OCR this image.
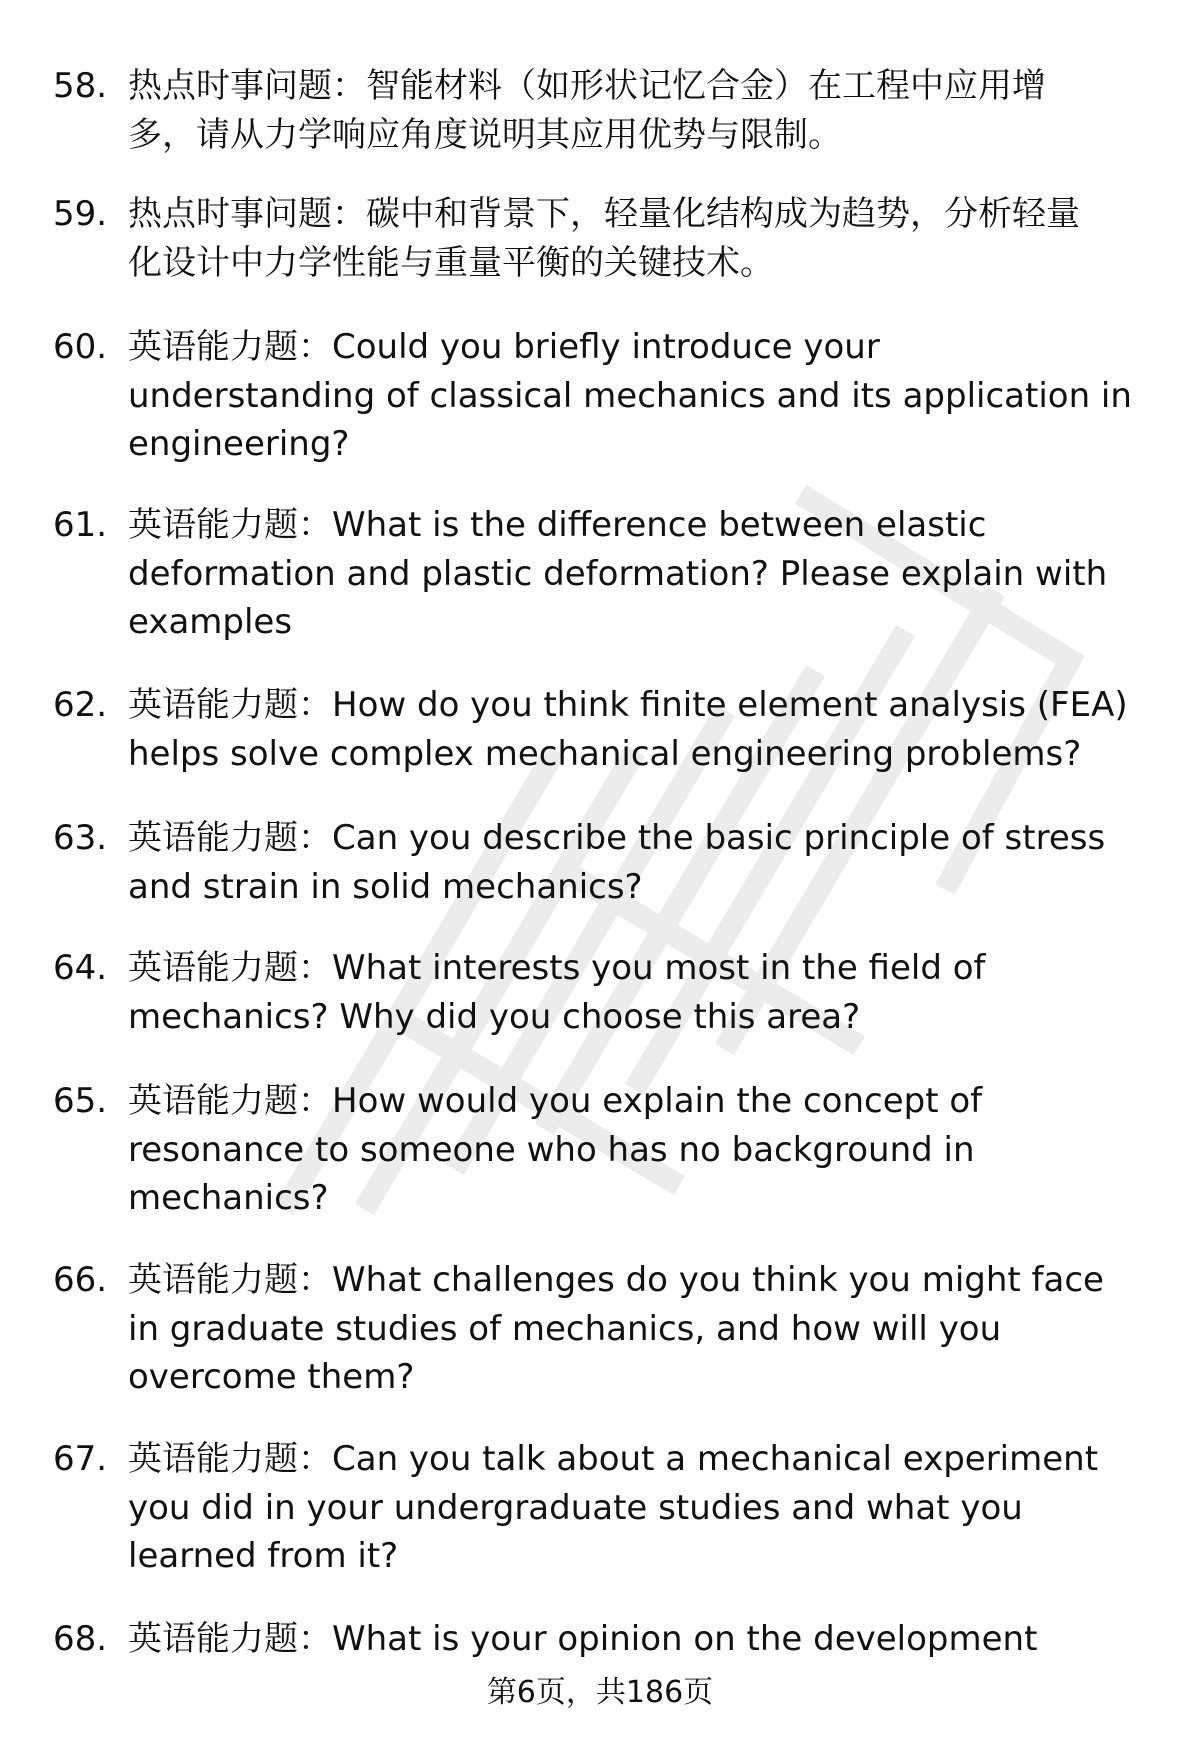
58. 热点时事问题：智能材料（如形状记忆合金）在工程中应用增
多，请从力学响应角度说明其应用优势与限制。
59. 热点时事问题：碳中和背景下，轻量化结构成为趋势，分析轻量
化设计中力学性能与重量平衡的关键技术。
60. 英语能力题：Could you briefly introduce your
understanding of classical mechanics and its application in
engineering?
61. 英语能力题：What is the difference between elastic
deformation and plastic deformation? Please explain with
examples
62. 英语能力题：How do you think finite element analysis (FEA)
helps solve complex mechanical engineering problems?
63. 英语能力题：Can you describe the basic principle of stress
and strain in solid mechanics?
64. 英语能力题：What interests you most in the field of
mechanics? Why did you choose this area?
65. 英语能力题：How would you explain the concept of
resonance to someone who has no background in
mechanics?
66. 英语能力题：What challenges do you think you might face
in graduate studies of mechanics, and how will you
overcome them?
67. 英语能力题：Can you talk about a mechanical experiment
you did in your undergraduate studies and what you
learned from it?
68. 英语能力题：What is your opinion on the development
第6页，共186页
